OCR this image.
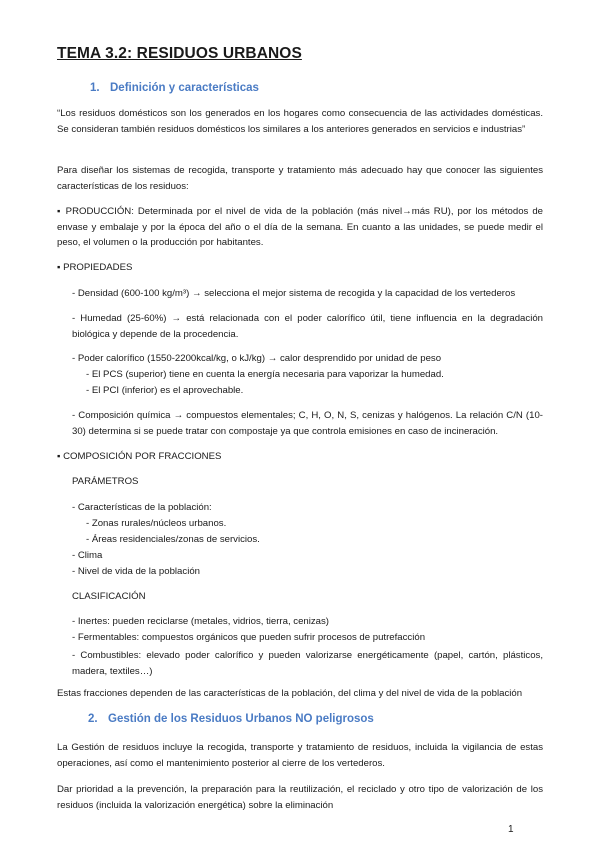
TEMA 3.2: RESIDUOS URBANOS
1. Definición y características
“Los residuos domésticos son los generados en los hogares como consecuencia de las actividades domésticas. Se consideran también residuos domésticos los similares a los anteriores generados en servicios e industrias”
Para diseñar los sistemas de recogida, transporte y tratamiento más adecuado hay que conocer las siguientes características de los residuos:
▪ PRODUCCIÓN: Determinada por el nivel de vida de la población (más nivel→más RU), por los métodos de envase y embalaje y por la época del año o el día de la semana. En cuanto a las unidades, se puede medir el peso, el volumen o la producción por habitantes.
▪ PROPIEDADES
- Densidad (600-100 kg/m³) → selecciona el mejor sistema de recogida y la capacidad de los vertederos
- Humedad (25-60%) → está relacionada con el poder calorífico útil, tiene influencia en la degradación biológica y depende de la procedencia.
- Poder calorífico (1550-2200kcal/kg, o kJ/kg) → calor desprendido por unidad de peso
- El PCS (superior) tiene en cuenta la energía necesaria para vaporizar la humedad.
- El PCI (inferior) es el aprovechable.
- Composición química → compuestos elementales; C, H, O, N, S, cenizas y halógenos. La relación C/N (10-30) determina si se puede tratar con compostaje ya que controla emisiones en caso de incineración.
▪ COMPOSICIÓN POR FRACCIONES
PARÁMETROS
- Características de la población:
- Zonas rurales/núcleos urbanos.
- Áreas residenciales/zonas de servicios.
- Clima
- Nivel de vida de la población
CLASIFICACIÓN
- Inertes: pueden reciclarse (metales, vidrios, tierra, cenizas)
- Fermentables: compuestos orgánicos que pueden sufrir procesos de putrefacción
- Combustibles: elevado poder calorífico y pueden valorizarse energéticamente (papel, cartón, plásticos, madera, textiles…)
Estas fracciones dependen de las características de la población, del clima y del nivel de vida de la población
2. Gestión de los Residuos Urbanos NO peligrosos
La Gestión de residuos incluye la recogida, transporte y tratamiento de residuos, incluida la vigilancia de estas operaciones, así como el mantenimiento posterior al cierre de los vertederos.
Dar prioridad a la prevención, la preparación para la reutilización, el reciclado y otro tipo de valorización de los residuos (incluida la valorización energética) sobre la eliminación
1
